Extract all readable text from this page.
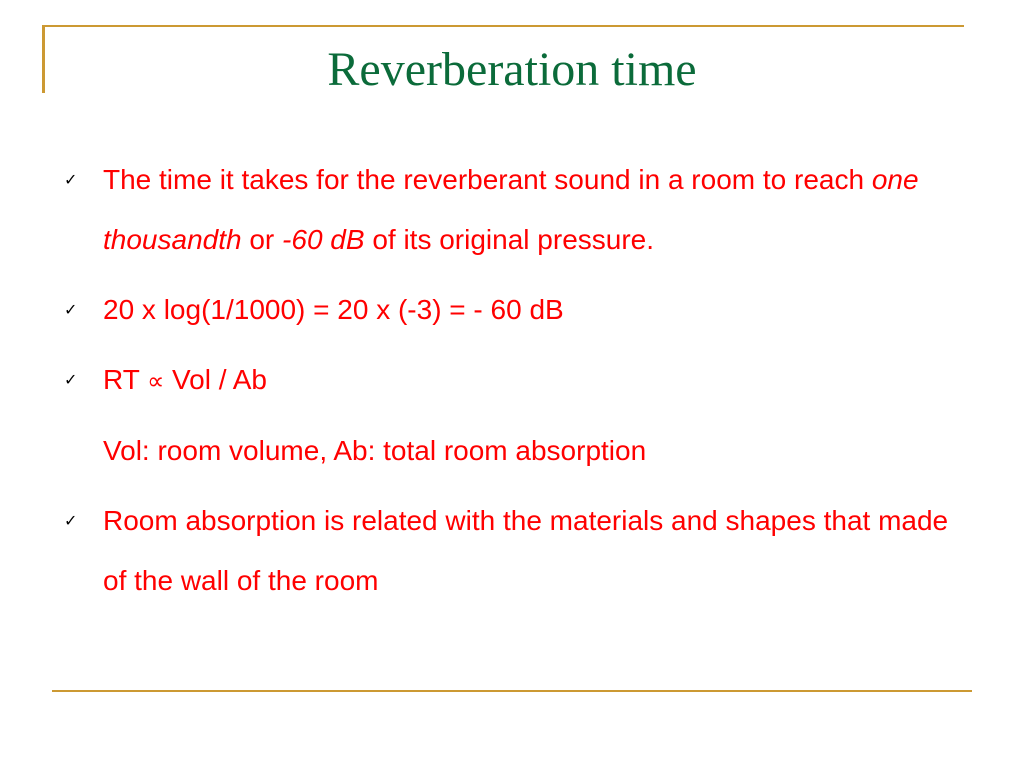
Reverberation time
✓ The time it takes for the reverberant sound in a room to reach one thousandth or -60 dB of its original pressure.
✓ 20 x log(1/1000) = 20 x (-3) = - 60 dB
✓ RT ∝ Vol / Ab
Vol: room volume, Ab: total room absorption
✓ Room absorption is related with the materials and shapes that made of the wall of the room
